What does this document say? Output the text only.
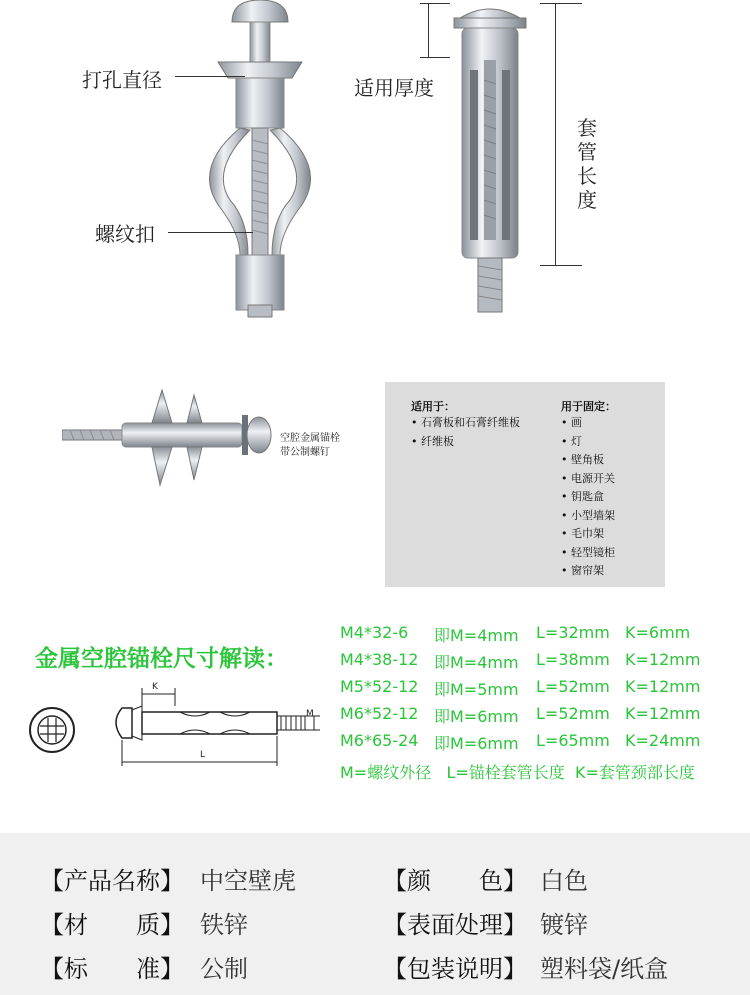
打孔直径
螺纹扣
适用厚度
套管长度
空腔金属锚栓
带公制螺钉
适用于：
• 石膏板和石膏纤维板
• 纤维板
用于固定：
• 画
• 灯
• 壁角板
• 电源开关
• 钥匙盒
• 小型墙架
• 毛巾架
• 轻型镜柜
• 窗帘架
金属空腔锚栓尺寸解读：
M4*32-6 即M=4mm L=32mm K=6mm
M4*38-12 即M=4mm L=38mm K=12mm
M5*52-12 即M=5mm L=52mm K=12mm
M6*52-12 即M=6mm L=52mm K=12mm
M6*65-24 即M=6mm L=65mm K=24mm
M=螺纹外径   L=锚栓套管长度  K=套管颈部长度
K
M
L
【产品名称】 中空壁虎	【颜　　色】 白色
【材　　质】 铁锌	【表面处理】 镀锌
【标　　准】 公制	【包装说明】 塑料袋/纸盒
